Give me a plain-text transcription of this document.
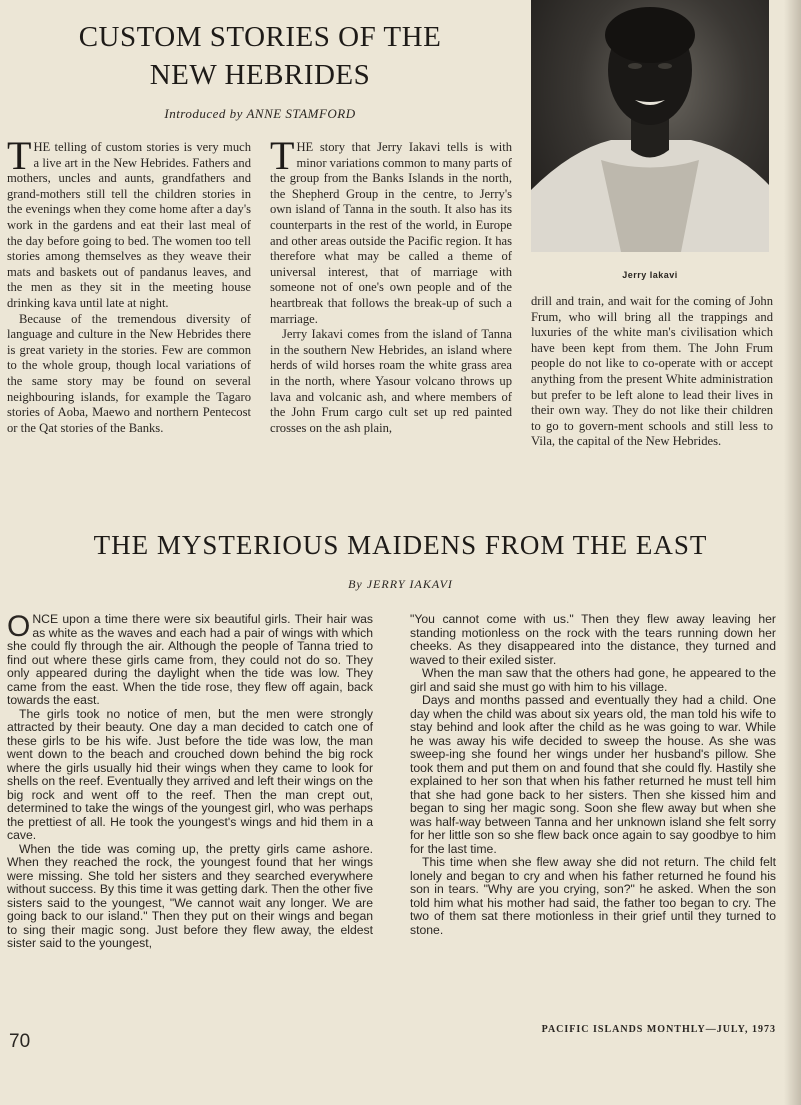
CUSTOM STORIES OF THE
NEW HEBRIDES
Introduced by ANNE STAMFORD

THE telling of custom stories is very much a live art in the New Hebrides. Fathers and mothers, uncles and aunts, grandfathers and grand-mothers still tell the children stories in the evenings when they come home after a day's work in the gardens and eat their last meal of the day before going to bed. The women too tell stories among themselves as they weave their mats and baskets out of pandanus leaves, and the men as they sit in the meeting house drinking kava until late at night.

Because of the tremendous diversity of language and culture in the New Hebrides there is great variety in the stories. Few are common to the whole group, though local variations of the same story may be found on several neighbouring islands, for example the Tagaro stories of Aoba, Maewo and northern Pentecost or the Qat stories of the Banks.

THE story that Jerry Iakavi tells is with minor variations common to many parts of the group from the Banks Islands in the north, the Shepherd Group in the centre, to Jerry's own island of Tanna in the south. It also has its counterparts in the rest of the world, in Europe and other areas outside the Pacific region. It has therefore what may be called a theme of universal interest, that of marriage with someone not of one's own people and of the heartbreak that follows the break-up of such a marriage.

Jerry Iakavi comes from the island of Tanna in the southern New Hebrides, an island where herds of wild horses roam the white grass area in the north, where Yasour volcano throws up lava and volcanic ash, and where members of the John Frum cargo cult set up red painted crosses on the ash plain,

Jerry Iakavi

drill and train, and wait for the coming of John Frum, who will bring all the trappings and luxuries of the white man's civilisation which have been kept from them. The John Frum people do not like to co-operate with or accept anything from the present White administration but prefer to be left alone to lead their lives in their own way. They do not like their children to go to govern-ment schools and still less to Vila, the capital of the New Hebrides.

THE MYSTERIOUS MAIDENS FROM THE EAST
By JERRY IAKAVI

ONCE upon a time there were six beautiful girls. Their hair was as white as the waves and each had a pair of wings with which she could fly through the air. Although the people of Tanna tried to find out where these girls came from, they could not do so. They only appeared during the daylight when the tide was low. They came from the east. When the tide rose, they flew off again, back towards the east.

The girls took no notice of men, but the men were strongly attracted by their beauty. One day a man decided to catch one of these girls to be his wife. Just before the tide was low, the man went down to the beach and crouched down behind the big rock where the girls usually hid their wings when they came to look for shells on the reef. Eventually they arrived and left their wings on the big rock and went off to the reef. Then the man crept out, determined to take the wings of the youngest girl, who was perhaps the prettiest of all. He took the youngest's wings and hid them in a cave.

When the tide was coming up, the pretty girls came ashore. When they reached the rock, the youngest found that her wings were missing. She told her sisters and they searched everywhere without success. By this time it was getting dark. Then the other five sisters said to the youngest, "We cannot wait any longer. We are going back to our island." Then they put on their wings and began to sing their magic song. Just before they flew away, the eldest sister said to the youngest,

"You cannot come with us." Then they flew away leaving her standing motionless on the rock with the tears running down her cheeks. As they disappeared into the distance, they turned and waved to their exiled sister.

When the man saw that the others had gone, he appeared to the girl and said she must go with him to his village.

Days and months passed and eventually they had a child. One day when the child was about six years old, the man told his wife to stay behind and look after the child as he was going to war. While he was away his wife decided to sweep the house. As she was sweep-ing she found her wings under her husband's pillow. She took them and put them on and found that she could fly. Hastily she explained to her son that when his father returned he must tell him that she had gone back to her sisters. Then she kissed him and began to sing her magic song. Soon she flew away but when she was half-way between Tanna and her unknown island she felt sorry for her little son so she flew back once again to say goodbye to him for the last time.

This time when she flew away she did not return. The child felt lonely and began to cry and when his father returned he found his son in tears. "Why are you crying, son?" he asked. When the son told him what his mother had said, the father too began to cry. The two of them sat there motionless in their grief until they turned to stone.

PACIFIC ISLANDS MONTHLY—JULY, 1973
70
